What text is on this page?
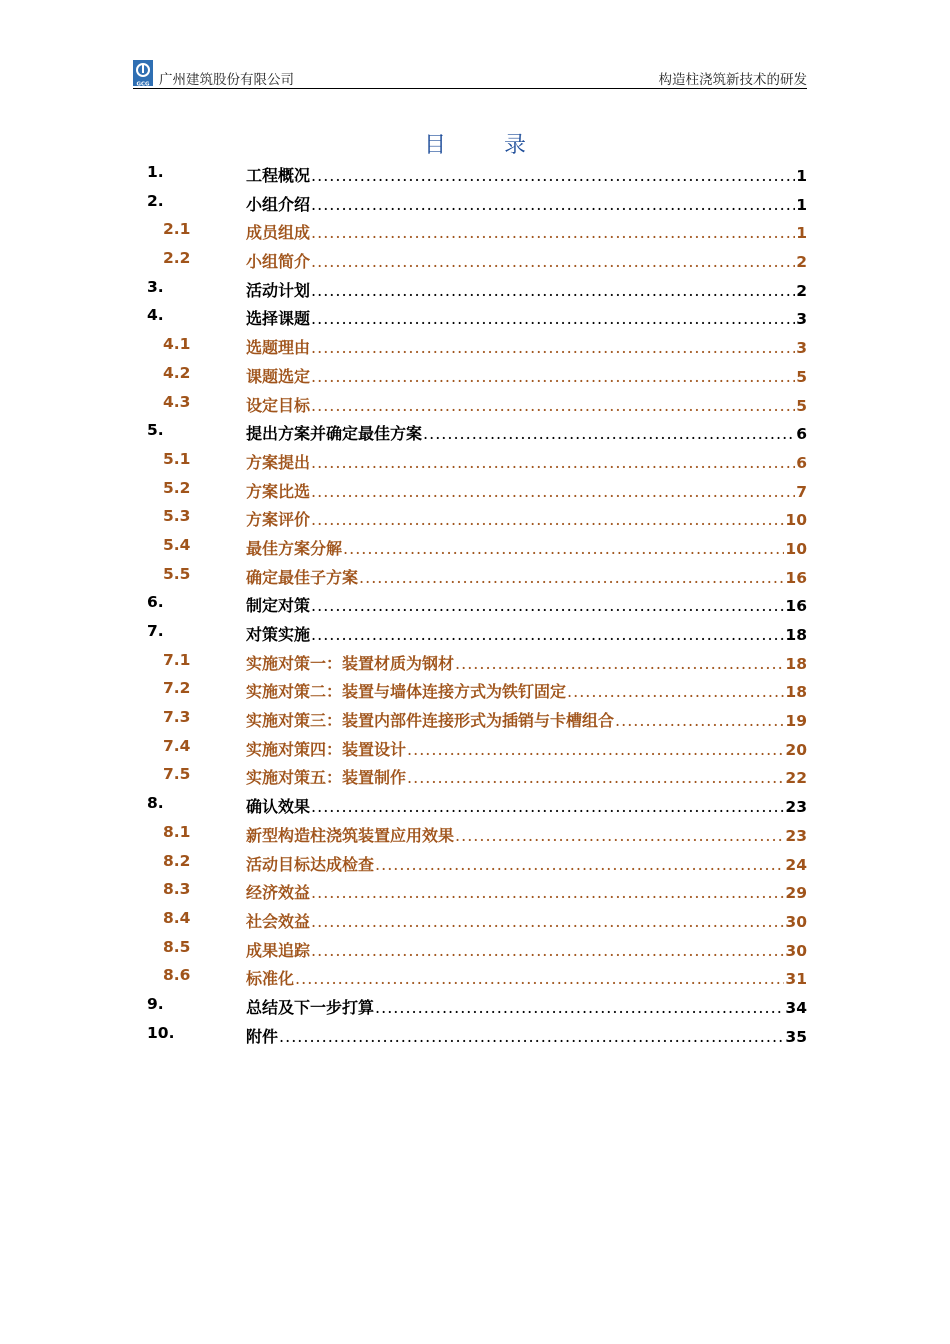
GCG 广州建筑股份有限公司	构造柱浇筑新技术的研发
目	录
1.	工程概况 .....	1
2.	小组介绍 .....	1
2.1	成员组成 .....	1
2.2	小组简介 .....	2
3.	活动计划 .....	2
4.	选择课题 .....	3
4.1	选题理由 .....	3
4.2	课题选定 .....	5
4.3	设定目标 .....	5
5.	提出方案并确定最佳方案 .....	6
5.1	方案提出 .....	6
5.2	方案比选 .....	7
5.3	方案评价 .....	10
5.4	最佳方案分解 .....	10
5.5	确定最佳子方案 .....	16
6.	制定对策 .....	16
7.	对策实施 .....	18
7.1	实施对策一：装置材质为钢材 .....	18
7.2	实施对策二：装置与墙体连接方式为铁钉固定 .....	18
7.3	实施对策三：装置内部件连接形式为插销与卡槽组合 .....	19
7.4	实施对策四：装置设计 .....	20
7.5	实施对策五：装置制作 .....	22
8.	确认效果 .....	23
8.1	新型构造柱浇筑装置应用效果 .....	23
8.2	活动目标达成检查 .....	24
8.3	经济效益 .....	29
8.4	社会效益 .....	30
8.5	成果追踪 .....	30
8.6	标准化 .....	31
9.	总结及下一步打算 .....	34
10.	附件 .....	35
